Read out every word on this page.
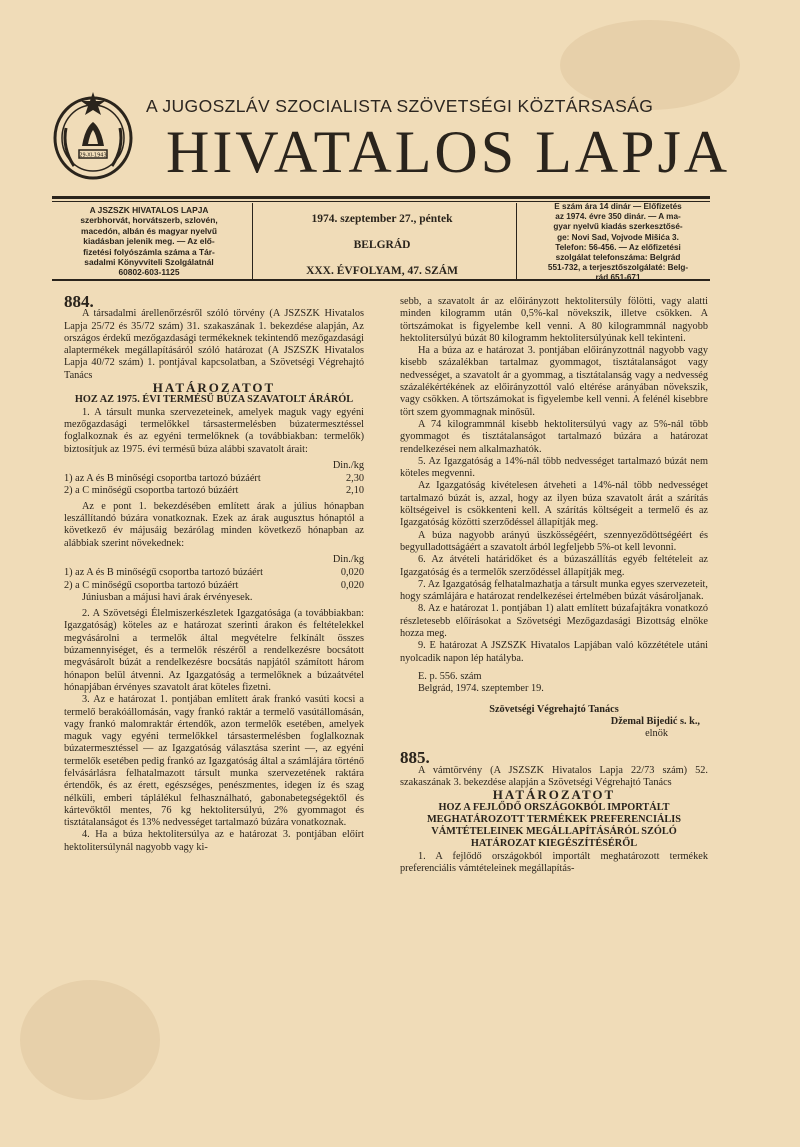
29-XI-1943
A JUGOSZLÁV SZOCIALISTA SZÖVETSÉGI KÖZTÁRSASÁG
HIVATALOS LAPJA
A JSZSZK HIVATALOS LAPJA
szerbhorvát, horvátszerb, szlovén,
macedón, albán és magyar nyelvű
kiadásban jelenik meg. — Az elő-
fizetési folyószámla száma a Tár-
sadalmi Könyvviteli Szolgálatnál
60802-603-1125
1974. szeptember 27., péntek
BELGRÁD
XXX. ÉVFOLYAM, 47. SZÁM
E szám ára 14 dinár — Előfizetés
az 1974. évre 350 dinár. — A ma-
gyar nyelvű kiadás szerkesztősé-
ge: Novi Sad, Vojvode Mišića 3.
Telefon: 56-456. — Az előfizetési
szolgálat telefonszáma: Belgrád
551-732, a terjesztőszolgálaté: Belg-
rád 651-671

884.

A társadalmi árellenőrzésről szóló törvény (A JSZSZK Hivatalos Lapja 25/72 és 35/72 szám) 31. szakaszának 1. bekezdése alapján, Az országos érdekű mezőgazdasági termékeknek tekintendő mezőgazdasági alaptermékek megállapításáról szóló határozat (A JSZSZK Hivatalos Lapja 40/72 szám) 1. pontjával kapcsolatban, a Szövetségi Végrehajtó Tanács

HATÁROZATOT

HOZ AZ 1975. ÉVI TERMÉSŰ BÚZA SZAVATOLT ÁRÁRÓL

1. A társult munka szervezeteinek, amelyek maguk vagy egyéni mezőgazdasági termelőkkel társastermelésben búzatermesztéssel foglalkoznak és az egyéni termelőknek (a továbbiakban: termelők) biztosítjuk az 1975. évi termésű búza alábbi szavatolt árait:

Din./kg
1) az A és B minőségi csoportba tartozó búzáért	2,30
2) a C minőségű csoportba tartozó búzáért	2,10

Az e pont 1. bekezdésében említett árak a július hónapban leszállítandó búzára vonatkoznak. Ezek az árak augusztus hónaptól a következő év májusáig bezárólag minden következő hónapban az alábbiak szerint növekednek:

Din./kg
1) az A és B minőségű csoportba tartozó búzáért	0,020
2) a C minőségű csoportba tartozó búzáért	0,020

Júniusban a májusi havi árak érvényesek.

2. A Szövetségi Élelmiszerkészletek Igazgatósága (a továbbiakban: Igazgatóság) köteles az e határozat szerinti árakon és feltételekkel megvásárolni a termelők által megvételre felkínált összes búzamennyiséget, és a termelők részéről a rendelkezésre bocsátott megvásárolt búzát a rendelkezésre bocsátás napjától számított három hónapon belül átvenni. Az Igazgatóság a termelőknek a búzaátvétel hónapjában érvényes szavatolt árat köteles fizetni.

3. Az e határozat 1. pontjában említett árak frankó vasúti kocsi a termelő berakóállomásán, vagy frankó raktár a termelő vasútállomásán, vagy frankó malomraktár értendők, azon termelők esetében, amelyek maguk vagy egyéni termelőkkel társastermelésben foglalkoznak búzatermesztéssel — az Igazgatóság választása szerint —, az egyéni termelők esetében pedig frankó az Igazgatóság által a számlájára történő felvásárlásra felhatalmazott társult munka szervezetének raktára értendők, és az érett, egészséges, penészmentes, idegen íz és szag nélküli, emberi táplálékul felhasználható, gabonabetegségektől és kártevőktől mentes, 76 kg hektolitersúlyú, 2% gyommagot és tisztátalanságot és 13% nedvességet tartalmazó búzára vonatkoznak.

4. Ha a búza hektolitersúlya az e határozat 3. pontjában előírt hektolitersúlynál nagyobb vagy ki-

sebb, a szavatolt ár az előirányzott hektolitersúly fölötti, vagy alatti minden kilogramm után 0,5%-kal növekszik, illetve csökken. A törtszámokat is figyelembe kell venni. A 80 kilogrammnál nagyobb hektolitersúlyú búzát 80 kilogramm hektolitersúlyúnak kell tekinteni.

Ha a búza az e határozat 3. pontjában előirányzottnál nagyobb vagy kisebb százalékban tartalmaz gyommagot, tisztátalanságot vagy nedvességet, a szavatolt ár a gyommag, a tisztátalanság vagy a nedvesség százalékértékének az előirányzottól való eltérése arányában növekszik, vagy csökken. A törtszámokat is figyelembe kell venni. A felénél kisebbre tört szem gyommagnak minősül.

A 74 kilogrammnál kisebb hektolitersúlyú vagy az 5%-nál több gyommagot és tisztátalanságot tartalmazó búzára a határozat rendelkezései nem alkalmazhatók.

5. Az Igazgatóság a 14%-nál több nedvességet tartalmazó búzát nem köteles megvenni.

Az Igazgatóság kivételesen átveheti a 14%-nál több nedvességet tartalmazó búzát is, azzal, hogy az ilyen búza szavatolt árát a szárítás költségeivel is csökkenteni kell. A szárítás költségeit a termelő és az Igazgatóság közötti szerződéssel állapítják meg.

A búza nagyobb arányú üszkösségéért, szennyeződöttségéért és begyulladottságáért a szavatolt árból legfeljebb 5%-ot kell levonni.

6. Az átvételi határidőket és a búzaszállítás egyéb feltételeit az Igazgatóság és a termelők szerződéssel állapítják meg.

7. Az Igazgatóság felhatalmazhatja a társult munka egyes szervezeteit, hogy számlájára e határozat rendelkezései értelmében búzát vásároljanak.

8. Az e határozat 1. pontjában 1) alatt említett búzafajtákra vonatkozó részletesebb előírásokat a Szövetségi Mezőgazdasági Bizottság elnöke hozza meg.

9. E határozat A JSZSZK Hivatalos Lapjában való közzététele utáni nyolcadik napon lép hatályba.

E. p. 556. szám

Belgrád, 1974. szeptember 19.

Szövetségi Végrehajtó Tanács

Džemal Bijedić s. k.,

elnök

885.

A vámtörvény (A JSZSZK Hivatalos Lapja 22/73 szám) 52. szakaszának 3. bekezdése alapján a Szövetségi Végrehajtó Tanács

HATÁROZATOT

HOZ A FEJLŐDŐ ORSZÁGOKBÓL IMPORTÁLT MEGHATÁROZOTT TERMÉKEK PREFERENCIÁLIS VÁMTÉTELEINEK MEGÁLLAPÍTÁSÁRÓL SZÓLÓ HATÁROZAT KIEGÉSZÍTÉSÉRŐL

1. A fejlődő országokból importált meghatározott termékek preferenciális vámtételeinek megállapítás-
